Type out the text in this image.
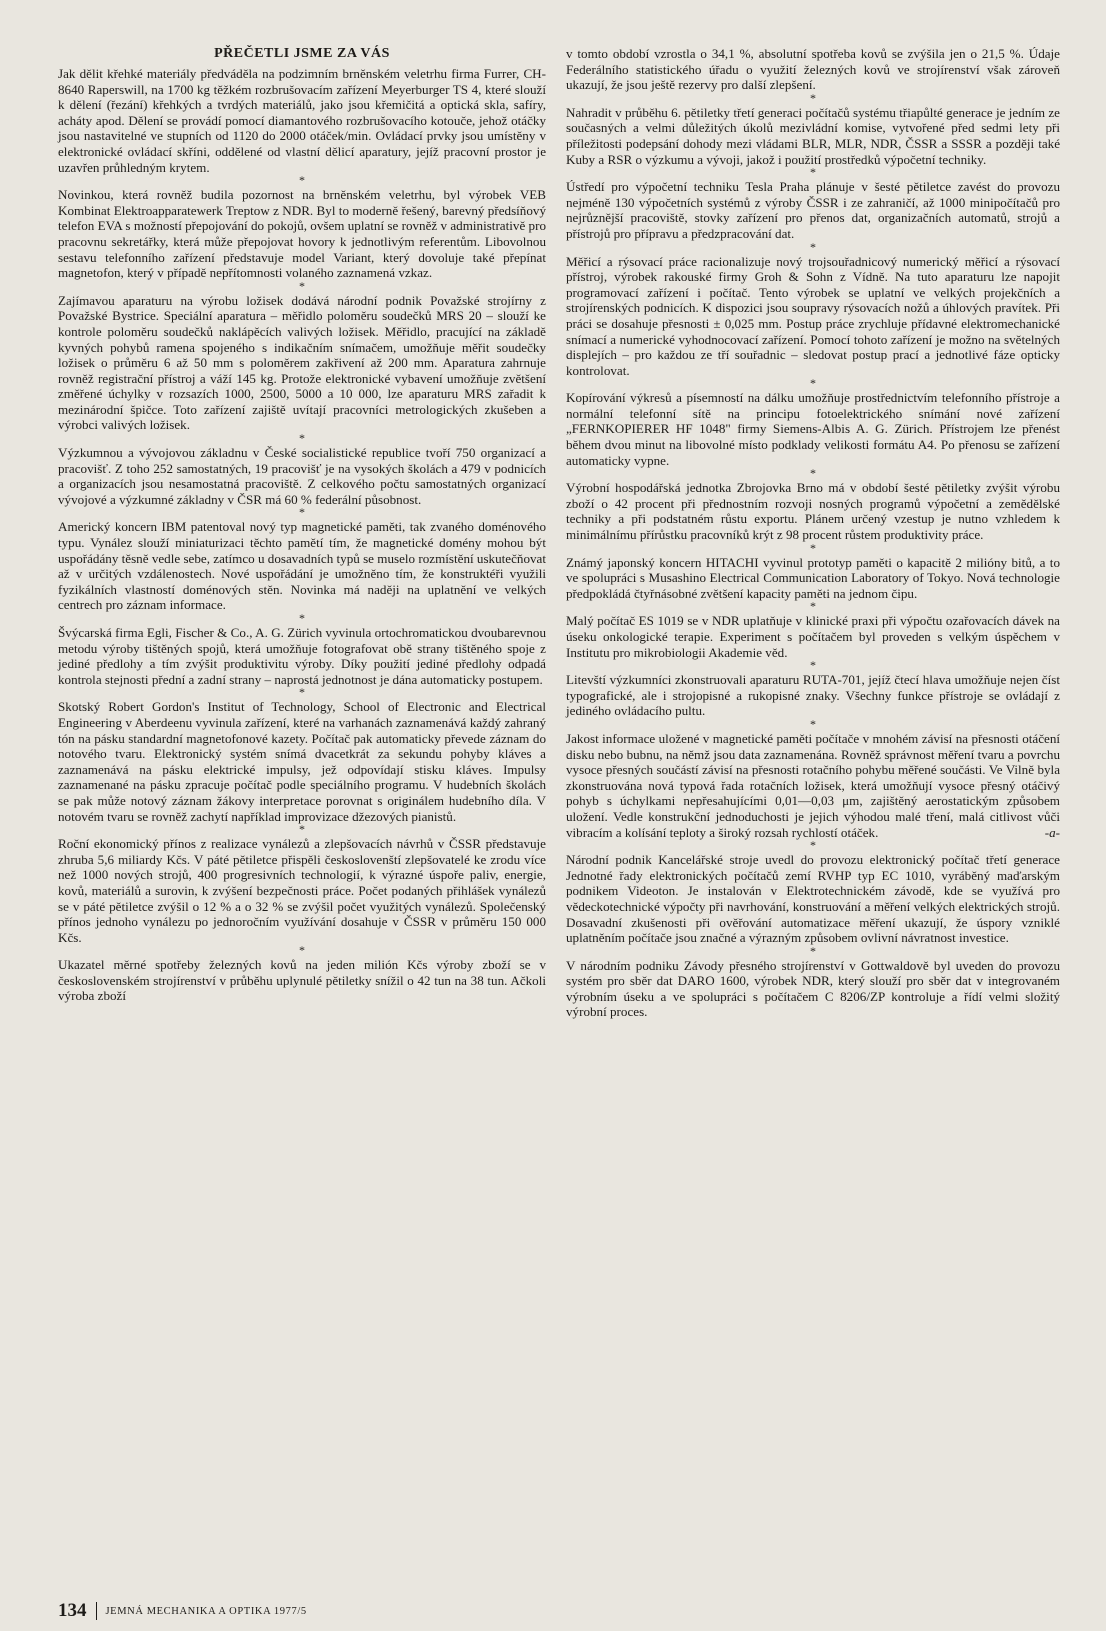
PŘEČETLI JSME ZA VÁS

Jak dělit křehké materiály předváděla na podzimním brněnském veletrhu firma Furrer, CH-8640 Raperswill, na 1700 kg těžkém rozbrušovacím zařízení Meyerburger TS 4, které slouží k dělení (řezání) křehkých a tvrdých materiálů, jako jsou křemičitá a optická skla, safíry, acháty apod. Dělení se provádí pomocí diamantového rozbrušovacího kotouče, jehož otáčky jsou nastavitelné ve stupních od 1120 do 2000 otáček/min. Ovládací prvky jsou umístěny v elektronické ovládací skříni, oddělené od vlastní dělicí aparatury, jejíž pracovní prostor je uzavřen průhledným krytem.

*

Novinkou, která rovněž budila pozornost na brněnském veletrhu, byl výrobek VEB Kombinat Elektroapparatewerk Treptow z NDR. Byl to moderně řešený, barevný předsíňový telefon EVA s možností přepojování do pokojů, ovšem uplatní se rovněž v administrativě pro pracovnu sekretářky, která může přepojovat hovory k jednotlivým referentům. Libovolnou sestavu telefonního zařízení představuje model Variant, který dovoluje také přepínat magnetofon, který v případě nepřítomnosti volaného zaznamená vzkaz.

*

Zajímavou aparaturu na výrobu ložisek dodává národní podnik Považské strojírny z Považské Bystrice. Speciální aparatura – měřidlo poloměru soudečků MRS 20 – slouží ke kontrole poloměru soudečků naklápěcích valivých ložisek. Měřidlo, pracující na základě kyvných pohybů ramena spojeného s indikačním snímačem, umožňuje měřit soudečky ložisek o průměru 6 až 50 mm s poloměrem zakřivení až 200 mm. Aparatura zahrnuje rovněž registrační přístroj a váží 145 kg. Protože elektronické vybavení umožňuje zvětšení změřené úchylky v rozsazích 1000, 2500, 5000 a 10 000, lze aparaturu MRS zařadit k mezinárodní špičce. Toto zařízení zajiště uvítají pracovníci metrologických zkušeben a výrobci valivých ložisek.

*

Výzkumnou a vývojovou základnu v České socialistické republice tvoří 750 organizací a pracovišť. Z toho 252 samostatných, 19 pracovišť je na vysokých školách a 479 v podnicích a organizacích jsou nesamostatná pracoviště. Z celkového počtu samostatných organizací vývojové a výzkumné základny v ČSR má 60 % federální působnost.

*

Americký koncern IBM patentoval nový typ magnetické paměti, tak zvaného doménového typu. Vynález slouží miniaturizaci těchto pamětí tím, že magnetické domény mohou být uspořádány těsně vedle sebe, zatímco u dosavadních typů se muselo rozmístění uskutečňovat až v určitých vzdálenostech. Nové uspořádání je umožněno tím, že konstruktéři využili fyzikálních vlastností doménových stěn. Novinka má naději na uplatnění ve velkých centrech pro záznam informace.

*

Švýcarská firma Egli, Fischer & Co., A. G. Zürich vyvinula ortochromatickou dvoubarevnou metodu výroby tištěných spojů, která umožňuje fotografovat obě strany tištěného spoje z jediné předlohy a tím zvýšit produktivitu výroby. Díky použití jediné předlohy odpadá kontrola stejnosti přední a zadní strany – naprostá jednotnost je dána automaticky postupem.

*

Skotský Robert Gordon's Institut of Technology, School of Electronic and Electrical Engineering v Aberdeenu vyvinula zařízení, které na varhanách zaznamenává každý zahraný tón na pásku standardní magnetofonové kazety. Počítač pak automaticky převede záznam do notového tvaru. Elektronický systém snímá dvacetkrát za sekundu pohyby kláves a zaznamenává na pásku elektrické impulsy, jež odpovídají stisku kláves. Impulsy zaznamenané na pásku zpracuje počítač podle speciálního programu. V hudebních školách se pak může notový záznam žákovy interpretace porovnat s originálem hudebního díla. V notovém tvaru se rovněž zachytí například improvizace džezových pianistů.

*

Roční ekonomický přínos z realizace vynálezů a zlepšovacích návrhů v ČSSR představuje zhruba 5,6 miliardy Kčs. V páté pětiletce přispěli českoslovenští zlepšovatelé ke zrodu více než 1000 nových strojů, 400 progresivních technologií, k výrazné úspoře paliv, energie, kovů, materiálů a surovin, k zvýšení bezpečnosti práce. Počet podaných přihlášek vynálezů se v páté pětiletce zvýšil o 12 % a o 32 % se zvýšil počet využitých vynálezů. Společenský přínos jednoho vynálezu po jednoročním využívání dosahuje v ČSSR v průměru 150 000 Kčs.

*

Ukazatel měrné spotřeby železných kovů na jeden milión Kčs výroby zboží se v československém strojírenství v průběhu uplynulé pětiletky snížil o 42 tun na 38 tun. Ačkoli výroba zboží

v tomto období vzrostla o 34,1 %, absolutní spotřeba kovů se zvýšila jen o 21,5 %. Údaje Federálního statistického úřadu o využití železných kovů ve strojírenství však zároveň ukazují, že jsou ještě rezervy pro další zlepšení.

*

Nahradit v průběhu 6. pětiletky třetí generaci počítačů systému třiapůlté generace je jedním ze současných a velmi důležitých úkolů mezivládní komise, vytvořené před sedmi lety při příležitosti podepsání dohody mezi vládami BLR, MLR, NDR, ČSSR a SSSR a později také Kuby a RSR o výzkumu a vývoji, jakož i použití prostředků výpočetní techniky.

*

Ústředí pro výpočetní techniku Tesla Praha plánuje v šesté pětiletce zavést do provozu nejméně 130 výpočetních systémů z výroby ČSSR i ze zahraničí, až 1000 minipočítačů pro nejrůznější pracoviště, stovky zařízení pro přenos dat, organizačních automatů, strojů a přístrojů pro přípravu a předzpracování dat.

*

Měřicí a rýsovací práce racionalizuje nový trojsouřadnicový numerický měřicí a rýsovací přístroj, výrobek rakouské firmy Groh & Sohn z Vídně. Na tuto aparaturu lze napojit programovací zařízení i počítač. Tento výrobek se uplatní ve velkých projekčních a strojírenských podnicích. K dispozici jsou soupravy rýsovacích nožů a úhlových pravítek. Při práci se dosahuje přesnosti ± 0,025 mm. Postup práce zrychluje přídavné elektromechanické snímací a numerické vyhodnocovací zařízení. Pomocí tohoto zařízení je možno na světelných displejích – pro každou ze tří souřadnic – sledovat postup prací a jednotlivé fáze opticky kontrolovat.

*

Kopírování výkresů a písemností na dálku umožňuje prostřednictvím telefonního přístroje a normální telefonní sítě na principu fotoelektrického snímání nové zařízení „FERNKOPIERER HF 1048" firmy Siemens-Albis A. G. Zürich. Přístrojem lze přenést během dvou minut na libovolné místo podklady velikosti formátu A4. Po přenosu se zařízení automaticky vypne.

*

Výrobní hospodářská jednotka Zbrojovka Brno má v období šesté pětiletky zvýšit výrobu zboží o 42 procent při přednostním rozvoji nosných programů výpočetní a zemědělské techniky a při podstatném růstu exportu. Plánem určený vzestup je nutno vzhledem k minimálnímu přírůstku pracovníků krýt z 98 procent růstem produktivity práce.

*

Známý japonský koncern HITACHI vyvinul prototyp paměti o kapacitě 2 milióny bitů, a to ve spolupráci s Musashino Electrical Communication Laboratory of Tokyo. Nová technologie předpokládá čtyřnásobné zvětšení kapacity paměti na jednom čipu.

*

Malý počítač ES 1019 se v NDR uplatňuje v klinické praxi při výpočtu ozařovacích dávek na úseku onkologické terapie. Experiment s počítačem byl proveden s velkým úspěchem v Institutu pro mikrobiologii Akademie věd.

*

Litevští výzkumníci zkonstruovali aparaturu RUTA-701, jejíž čtecí hlava umožňuje nejen číst typografické, ale i strojopisné a rukopisné znaky. Všechny funkce přístroje se ovládají z jediného ovládacího pultu.

*

Jakost informace uložené v magnetické paměti počítače v mnohém závisí na přesnosti otáčení disku nebo bubnu, na němž jsou data zaznamenána. Rovněž správnost měření tvaru a povrchu vysoce přesných součástí závisí na přesnosti rotačního pohybu měřené součásti. Ve Vilně byla zkonstruována nová typová řada rotačních ložisek, která umožňují vysoce přesný otáčivý pohyb s úchylkami nepřesahujícími 0,01—0,03 μm, zajištěný aerostatickým způsobem uložení. Vedle konstrukční jednoduchosti je jejich výhodou malé tření, malá citlivost vůči vibracím a kolísání teploty a široký rozsah rychlostí otáček.	-a-

*

Národní podnik Kancelářské stroje uvedl do provozu elektronický počítač třetí generace Jednotné řady elektronických počítačů zemí RVHP typ EC 1010, vyráběný maďarským podnikem Videoton. Je instalován v Elektrotechnickém závodě, kde se využívá pro vědeckotechnické výpočty při navrhování, konstruování a měření velkých elektrických strojů. Dosavadní zkušenosti při ověřování automatizace měření ukazují, že úspory vzniklé uplatněním počítače jsou značné a výrazným způsobem ovlivní návratnost investice.

*

V národním podniku Závody přesného strojírenství v Gottwaldově byl uveden do provozu systém pro sběr dat DARO 1600, výrobek NDR, který slouží pro sběr dat v integrovaném výrobním úseku a ve spolupráci s počítačem C 8206/ZP kontroluje a řídí velmi složitý výrobní proces.

134 JEMNÁ MECHANIKA A OPTIKA 1977/5
